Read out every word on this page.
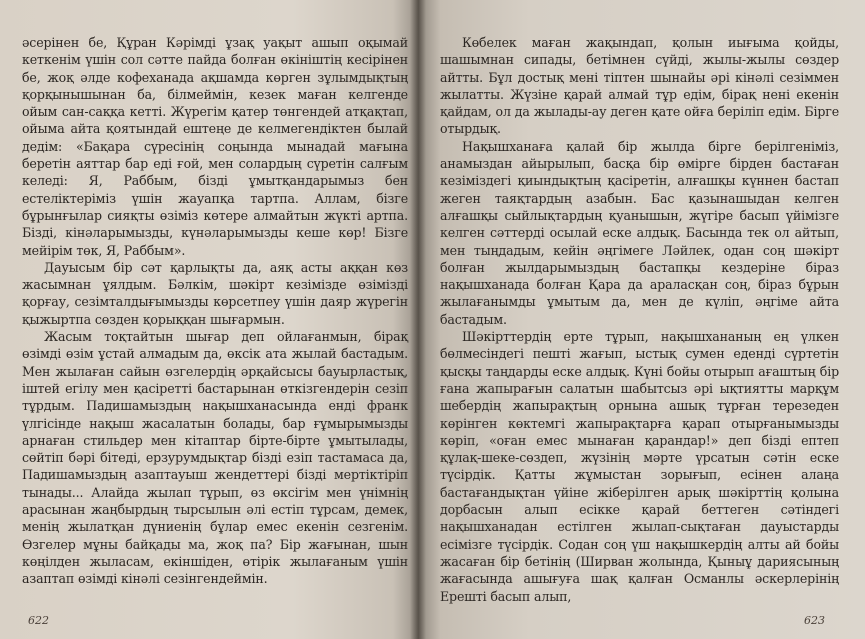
әсерінен бе, Құран Кәрімді ұзақ уақыт ашып оқымай кеткенім үшін сол сәтте пайда болған өкініштің кесірінен бе, жоқ әлде кофеханада ақшамда көрген зұлымдықтың қорқынышынан ба, білмеймін, кезек маған келгенде ойым сан-саққа кетті. Жүрегім қатер төнгендей атқақтап, ойыма айта қоятындай ештеңе де келмегендіктен былай дедім: «Бақара сүресінің соңында мынадай мағына беретін аяттар бар еді ғой, мен солардың сүретін салғым келеді: Я, Раббым, бізді ұмытқандарымыз бен естеліктеріміз үшін жауапқа тартпа. Аллам, бізге бұрынғылар сияқты өзіміз көтере алмайтын жүкті артпа. Бізді, кінәларымызды, күнәларымызды кеше көр! Бізге мейірім төк, Я, Раббым».

Дауысым бір сәт қарлықты да, аяқ асты аққан көз жасымнан ұялдым. Бәлкім, шәкірт кезімізде өзімізді қорғау, сезімталдығымызды көрсетпеу үшін даяр жүрегін қыжыртпа сөзден қорыққан шығармын.

Жасым тоқтайтын шығар деп ойлағанмын, бірақ өзімді өзім ұстай алмадым да, өксік ата жылай бастадым. Мен жылаған сайын өзгелердің әрқайсысы бауырластық, іштей егілу мен қасіретті бастарынан өткізгендерін сезіп тұрдым. Падишамыздың нақышханасында енді франк үлгісінде нақыш жасалатын болады, бар ғұмырымызды арнаған стильдер мен кітаптар бірте-бірте ұмытылады, сөйтіп бәрі бітеді, ерзурумдықтар бізді езіп тастамаса да, Падишамыздың азаптауыш жендеттері бізді мертіктіріп тынады... Алайда жылап тұрып, өз өксігім мен үнімнің арасынан жаңбырдың тырсылын әлі естіп тұрсам, демек, менің жылатқан дүниенің бұлар емес екенін сезгенім. Өзгелер мұны байқады ма, жоқ па? Бір жағынан, шын көңілден жыласам, екіншіден, өтірік жылағаным үшін азаптап өзімді кінәлі сезінгендеймін.

622

Көбелек маған жақындап, қолын иығыма қойды, шашымнан сипады, бетімнен сүйді, жылы-жылы сөздер айтты. Бұл достық мені тіптен шынайы әрі кінәлі сезіммен жылатты. Жүзіне қарай алмай тұр едім, бірақ нені екенін қайдам, ол да жылады-ау деген қате ойға беріліп едім. Бірге отырдық.

Нақышханаға қалай бір жылда бірге берілгеніміз, анамыздан айырылып, басқа бір өмірге бірден бастаған кезіміздегі қиындықтың қасіретін, алғашқы күннен бастап жеген таяқтардың азабын. Бас қазынашыдан келген алғашқы сыйлықтардың қуанышын, жүгіре басып үйімізге келген сәттерді осылай еске алдық. Басында тек ол айтып, мен тыңдадым, кейін әңгімеге Ләйлек, одан соң шәкірт болған жылдарымыздың бастапқы кездеріне біраз нақышханада болған Қара да араласқан соң, біраз бұрын жылағанымды ұмытым да, мен де күліп, әңгіме айта бастадым.

Шәкірттердің ерте тұрып, нақышхананың ең үлкен бөлмесіндегі пешті жағып, ыстық сумен еденді сүртетін қысқы таңдарды еске алдық. Күні бойы отырып ағаштың бір ғана жапырағын салатын шабытсыз әрі ықтиятты марқұм шебердің жапырақтың орнына ашық тұрған терезеден көрінген көктемгі жапырақтарға қарап отырғанымызды көріп, «оған емес мынаған қарандар!» деп бізді ептеп құлақ-шеке-сөздеп, жүзінің мәрте үрсатын сәтін еске түсірдік. Қатты жұмыстан зорығып, есінен алаңа бастағандықтан үйіне жіберілген арық шәкірттің қолына дорбасын алып есікке қарай беттеген сәтіндегі нақышханадан естілген жылап-сықтаған дауыстарды есімізге түсірдік. Содан соң үш нақышкердің алты ай бойы жасаған бір бетінің (Ширван жолында, Қыныұ дариясының жағасында ашығуға шақ қалған Османлы әскерлерінің Ерешті басып алып,

623
